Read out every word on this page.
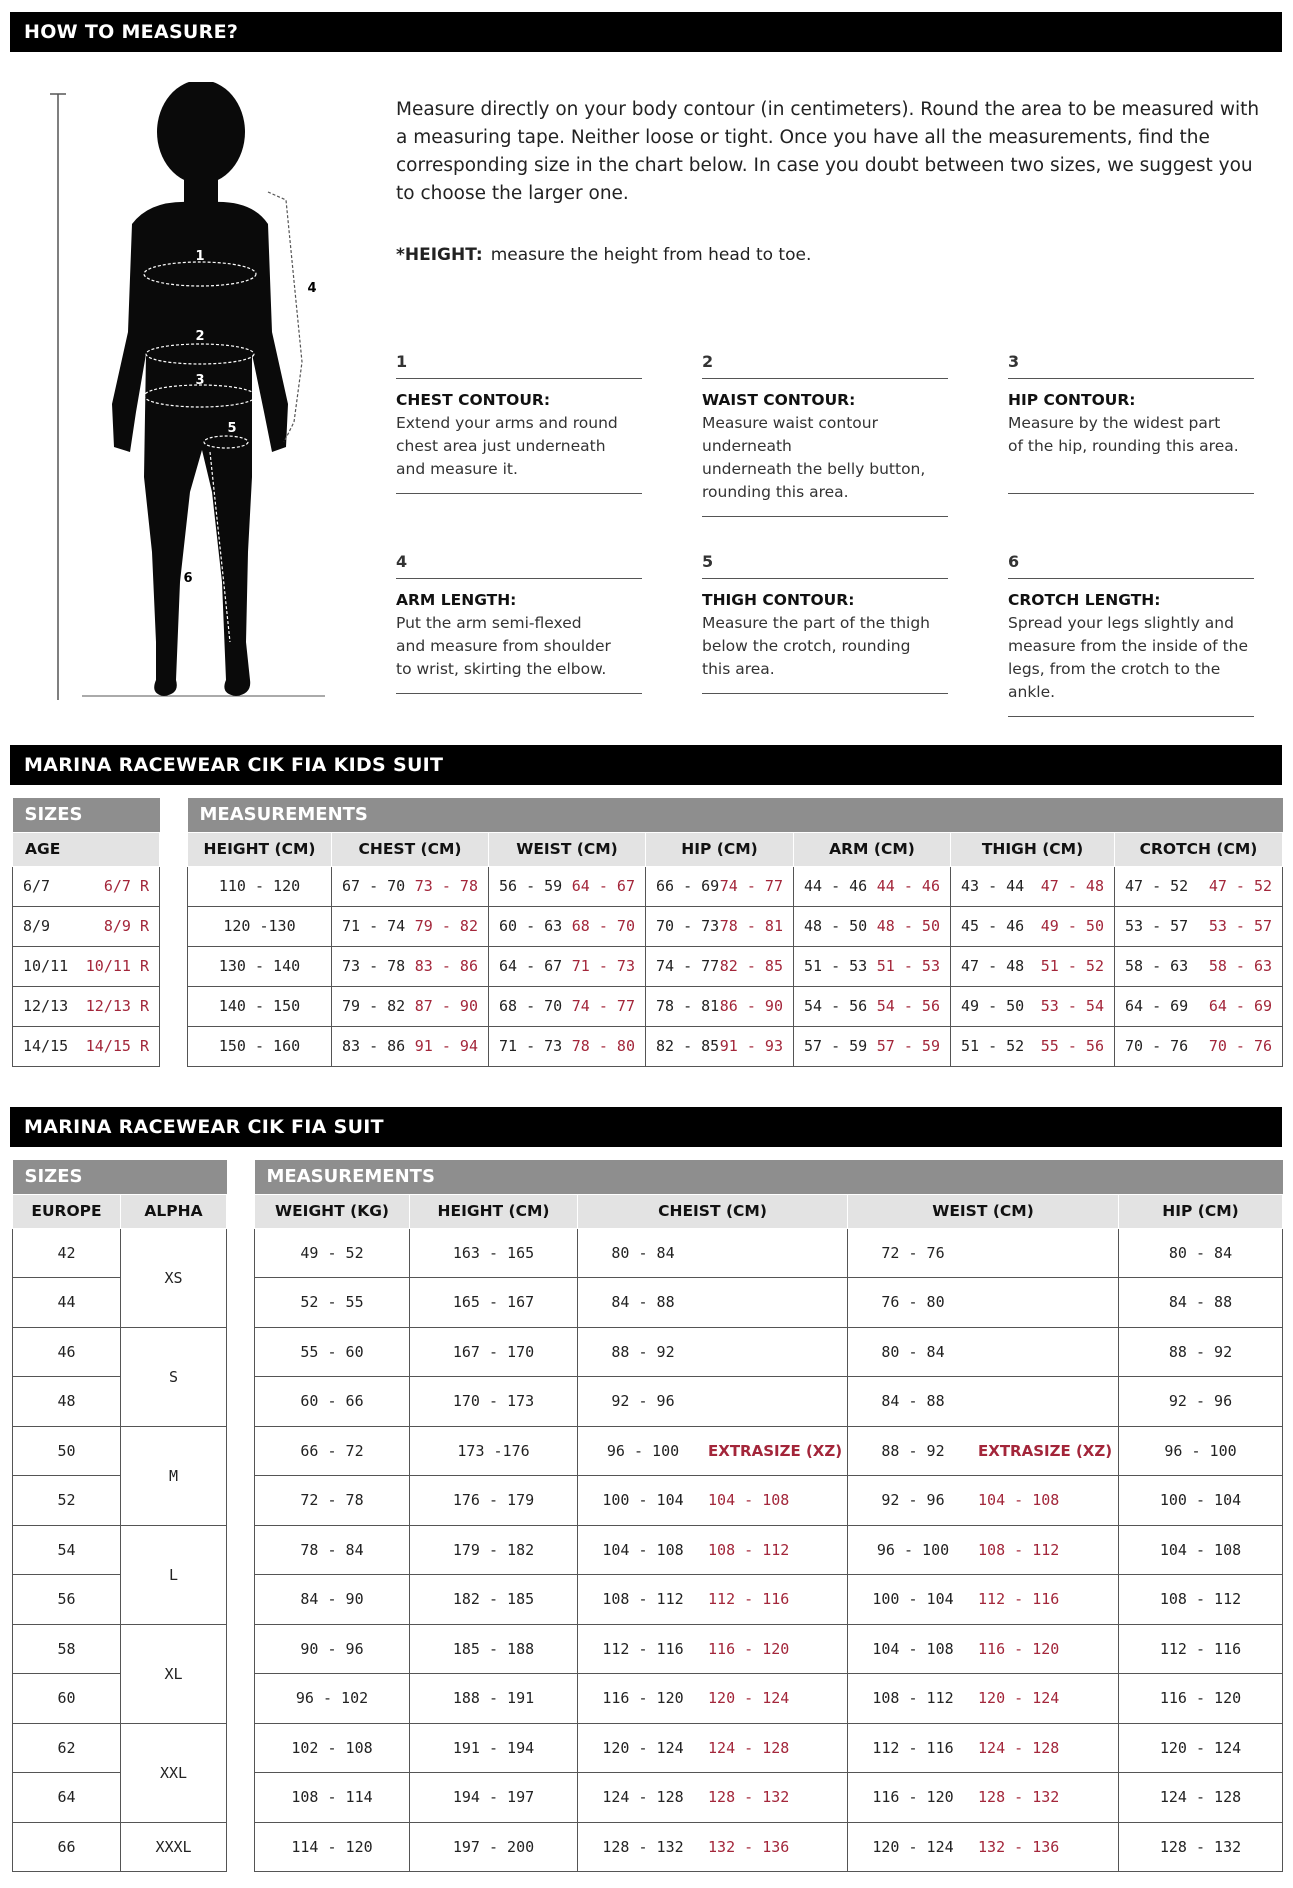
HOW TO MEASURE?
1
2
3
5
4
6
Measure directly on your body contour (in centimeters). Round the area to be measured with a measuring tape. Neither loose or tight. Once you have all the measurements, find the corresponding size in the chart below. In case you doubt between two sizes, we suggest you to choose the larger one.
*HEIGHT: measure the height from head to toe.
1
CHEST CONTOUR:
Extend your arms and round
chest area just underneath
and measure it.
2
WAIST CONTOUR:
Measure waist contour underneath
underneath the belly button,
rounding this area.
3
HIP CONTOUR:
Measure by the widest part
of the hip, rounding this area.
4
ARM LENGTH:
Put the arm semi-flexed
and measure from shoulder
to wrist, skirting the elbow.
5
THIGH CONTOUR:
Measure the part of the thigh
below the crotch, rounding
this area.
6
CROTCH LENGTH:
Spread your legs slightly and
measure from the inside of the
legs, from the crotch to the ankle.
MARINA RACEWEAR CIK FIA KIDS SUIT
SIZES		MEASUREMENTS						
AGE		HEIGHT (CM)	CHEST (CM)	WEIST (CM)	HIP (CM)	ARM (CM)	THIGH (CM)	CROTCH (CM)

6/7 6/7 R		110 - 120	67 - 70 73 - 78	56 - 59 64 - 67	66 - 69 74 - 77	44 - 46 44 - 46	43 - 44 47 - 48	47 - 52 47 - 52

8/9 8/9 R		120 -130	71 - 74 79 - 82	60 - 63 68 - 70	70 - 73 78 - 81	48 - 50 48 - 50	45 - 46 49 - 50	53 - 57 53 - 57

10/11 10/11 R		130 - 140	73 - 78 83 - 86	64 - 67 71 - 73	74 - 77 82 - 85	51 - 53 51 - 53	47 - 48 51 - 52	58 - 63 58 - 63

12/13 12/13 R		140 - 150	79 - 82 87 - 90	68 - 70 74 - 77	78 - 81 86 - 90	54 - 56 54 - 56	49 - 50 53 - 54	64 - 69 64 - 69

14/15 14/15 R		150 - 160	83 - 86 91 - 94	71 - 73 78 - 80	82 - 85 91 - 93	57 - 59 57 - 59	51 - 52 55 - 56	70 - 76 70 - 76
MARINA RACEWEAR CIK FIA SUIT
SIZES			MEASUREMENTS				
EUROPE	ALPHA		WEIGHT (KG)	HEIGHT (CM)	CHEIST (CM)	WEIST (CM)	HIP (CM)
42	XS		49 - 52	163 - 165	80 - 84	72 - 76	80 - 84
44			52 - 55	165 - 167	84 - 88	76 - 80	84 - 88
46	S		55 - 60	167 - 170	88 - 92	80 - 84	88 - 92
48			60 - 66	170 - 173	92 - 96	84 - 88	92 - 96
50	M		66 - 72	173 -176	96 - 100 EXTRASIZE (XZ)	88 - 92 EXTRASIZE (XZ)	96 - 100
52			72 - 78	176 - 179	100 - 104 104 - 108	92 - 96 104 - 108	100 - 104
54	L		78 - 84	179 - 182	104 - 108 108 - 112	96 - 100 108 - 112	104 - 108
56			84 - 90	182 - 185	108 - 112 112 - 116	100 - 104 112 - 116	108 - 112
58	XL		90 - 96	185 - 188	112 - 116 116 - 120	104 - 108 116 - 120	112 - 116
60			96 - 102	188 - 191	116 - 120 120 - 124	108 - 112 120 - 124	116 - 120
62	XXL		102 - 108	191 - 194	120 - 124 124 - 128	112 - 116 124 - 128	120 - 124
64			108 - 114	194 - 197	124 - 128 128 - 132	116 - 120 128 - 132	124 - 128
66	XXXL		114 - 120	197 - 200	128 - 132 132 - 136	120 - 124 132 - 136	128 - 132
